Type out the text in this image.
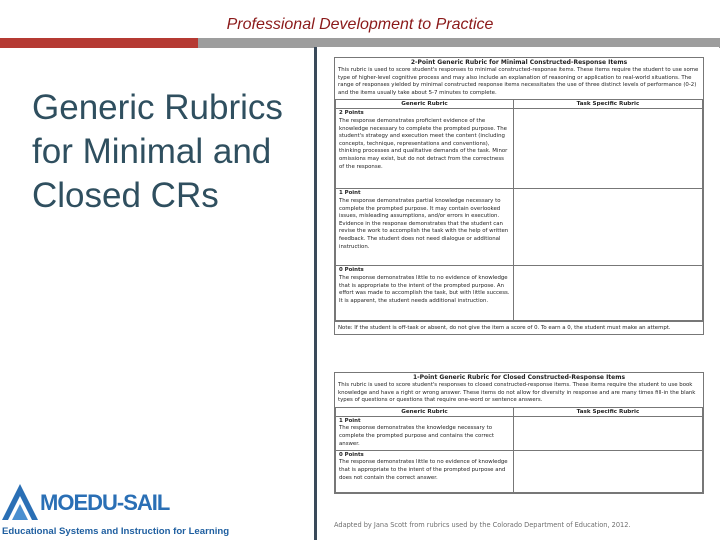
Professional Development to Practice
Generic Rubrics for Minimal and Closed CRs
MOEDU-SAIL
Educational Systems and Instruction for Learning
2-Point Generic Rubric for Minimal Constructed-Response Items
This rubric is used to score student's responses to minimal constructed-response items. These items require the student to use some type of higher-level cognitive process and may also include an explanation of reasoning or application to real-world situations. The range of responses yielded by minimal constructed response items necessitates the use of three distinct levels of performance (0-2) and the items usually take about 5-7 minutes to complete.
Generic Rubric	Task Specific Rubric

2 Points
The response demonstrates proficient evidence of the knowledge necessary to complete the prompted purpose. The student's strategy and execution meet the content (including concepts, technique, representations and conventions), thinking processes and qualitative demands of the task. Minor omissions may exist, but do not detract from the correctness of the response.	

1 Point
The response demonstrates partial knowledge necessary to complete the prompted purpose. It may contain overlooked issues, misleading assumptions, and/or errors in execution. Evidence in the response demonstrates that the student can revise the work to accomplish the task with the help of written feedback. The student does not need dialogue or additional instruction.	

0 Points
The response demonstrates little to no evidence of knowledge that is appropriate to the intent of the prompted purpose. An effort was made to accomplish the task, but with little success. It is apparent, the student needs additional instruction.	
Note: If the student is off-task or absent, do not give the item a score of 0. To earn a 0, the student must make an attempt.
1-Point Generic Rubric for Closed Constructed-Response Items
This rubric is used to score student's responses to closed constructed-response items. These items require the student to use book knowledge and have a right or wrong answer. These items do not allow for diversity in response and are many times fill-in the blank types of questions or questions that require one-word or sentence answers.
Generic Rubric	Task Specific Rubric

1 Point
The response demonstrates the knowledge necessary to complete the prompted purpose and contains the correct answer.	

0 Points
The response demonstrates little to no evidence of knowledge that is appropriate to the intent of the prompted purpose and does not contain the correct answer.	
Adapted by Jana Scott from rubrics used by the Colorado Department of Education, 2012.
